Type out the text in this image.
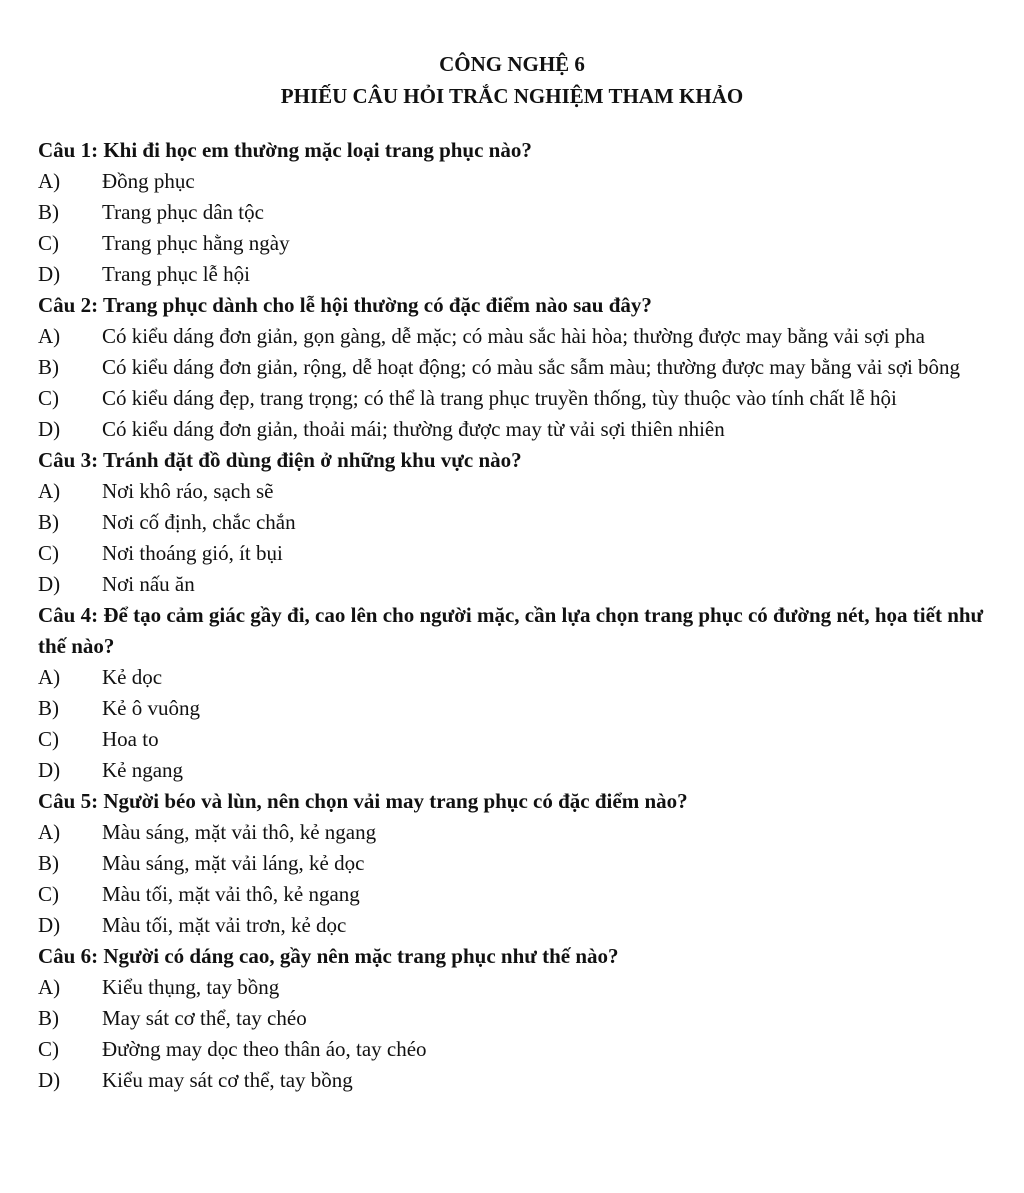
CÔNG NGHỆ 6
PHIẾU CÂU HỎI TRẮC NGHIỆM THAM KHẢO
Câu 1: Khi đi học em thường mặc loại trang phục nào?
A) Đồng phục
B) Trang phục dân tộc
C) Trang phục hằng ngày
D) Trang phục lễ hội
Câu 2: Trang phục dành cho lễ hội thường có đặc điểm nào sau đây?
A) Có kiểu dáng đơn giản, gọn gàng, dễ mặc; có màu sắc hài hòa; thường được may bằng vải sợi pha
B) Có kiểu dáng đơn giản, rộng, dễ hoạt động; có màu sắc sẫm màu; thường được may bằng vải sợi bông
C) Có kiểu dáng đẹp, trang trọng; có thể là trang phục truyền thống, tùy thuộc vào tính chất lễ hội
D) Có kiểu dáng đơn giản, thoải mái; thường được may từ vải sợi thiên nhiên
Câu 3: Tránh đặt đồ dùng điện ở những khu vực nào?
A) Nơi khô ráo, sạch sẽ
B) Nơi cố định, chắc chắn
C) Nơi thoáng gió, ít bụi
D) Nơi nấu ăn
Câu 4: Để tạo cảm giác gầy đi, cao lên cho người mặc, cần lựa chọn trang phục có đường nét, họa tiết như thế nào?
A) Kẻ dọc
B) Kẻ ô vuông
C) Hoa to
D) Kẻ ngang
Câu 5: Người béo và lùn, nên chọn vải may trang phục có đặc điểm nào?
A) Màu sáng, mặt vải thô, kẻ ngang
B) Màu sáng, mặt vải láng, kẻ dọc
C) Màu tối, mặt vải thô, kẻ ngang
D) Màu tối, mặt vải trơn, kẻ dọc
Câu 6: Người có dáng cao, gầy nên mặc trang phục như thế nào?
A) Kiểu thụng, tay bồng
B) May sát cơ thể, tay chéo
C) Đường may dọc theo thân áo, tay chéo
D) Kiểu may sát cơ thể, tay bồng
